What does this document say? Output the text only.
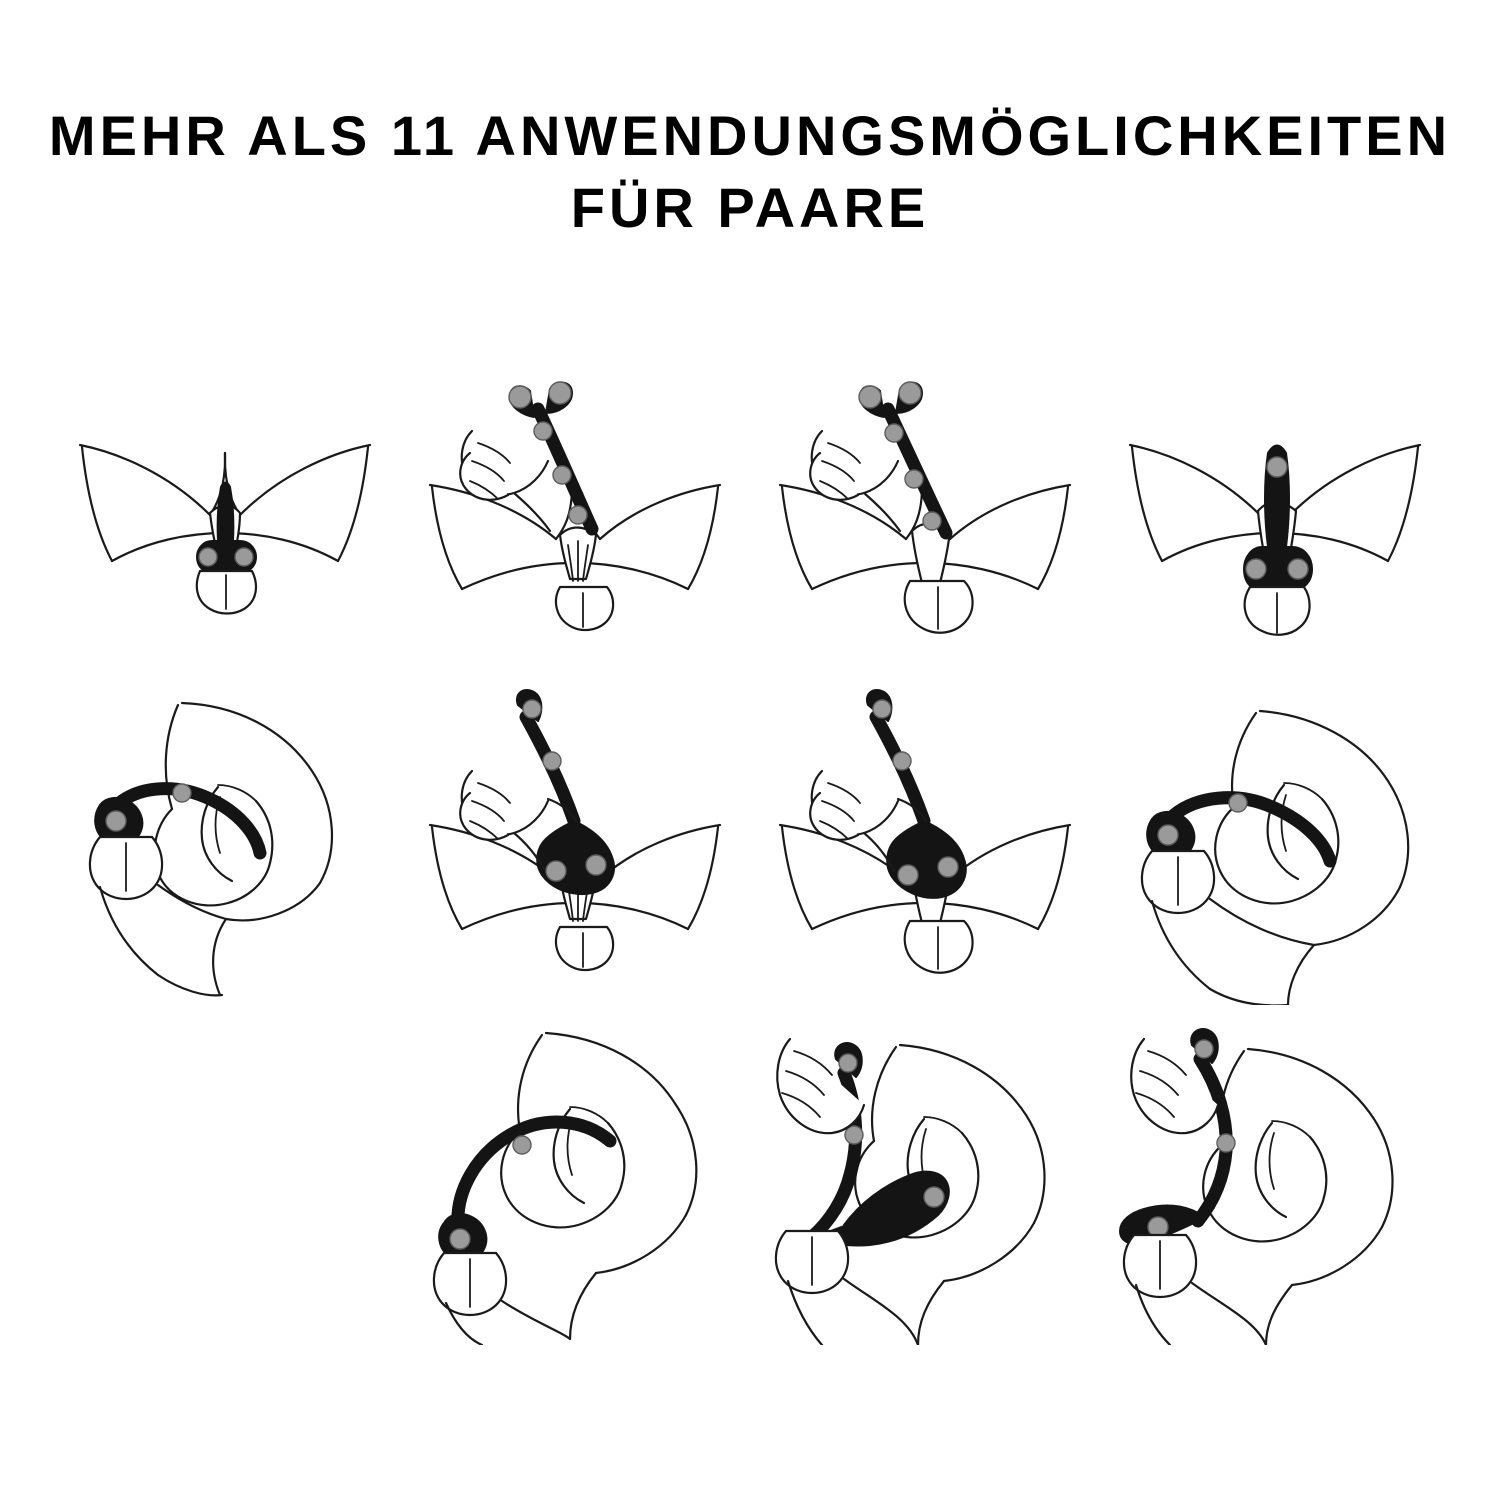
MEHR ALS 11 ANWENDUNGSMÖGLICHKEITEN
FÜR PAARE
